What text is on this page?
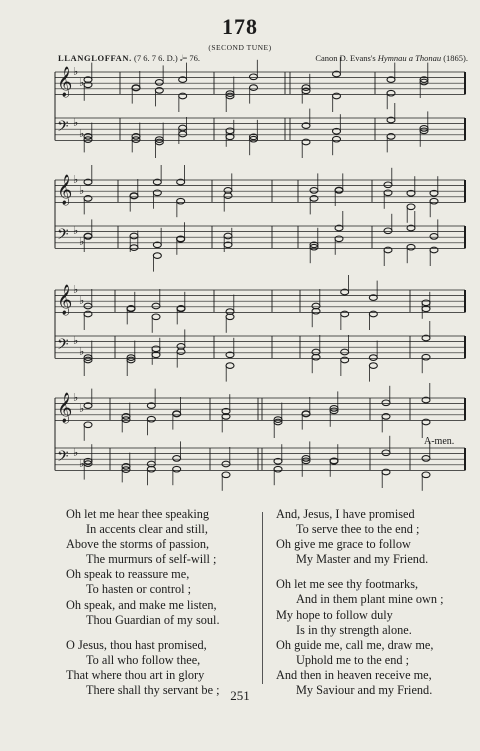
178
(SECOND TUNE)
LLANGLOFFAN. (7 6. 7 6. D.) 𝅗𝅥= 76.	Canon D. Evans's Hymnau a Thonau (1865).
𝄞 ♭
♭
𝄢 ♭
♭
𝄞 ♭
♭
𝄢 ♭
♭
𝄞 ♭
♭
𝄢 ♭
♭
𝄞 ♭
♭
𝄢 ♭
♭
A-men.
Oh let me hear thee speaking
In accents clear and still,
Above the storms of passion,
The murmurs of self-will ;
Oh speak to reassure me,
To hasten or control ;
Oh speak, and make me listen,
Thou Guardian of my soul.
O Jesus, thou hast promised,
To all who follow thee,
That where thou art in glory
There shall thy servant be ;
And, Jesus, I have promised
To serve thee to the end ;
Oh give me grace to follow
My Master and my Friend.
Oh let me see thy footmarks,
And in them plant mine own ;
My hope to follow duly
Is in thy strength alone.
Oh guide me, call me, draw me,
Uphold me to the end ;
And then in heaven receive me,
My Saviour and my Friend.
251
